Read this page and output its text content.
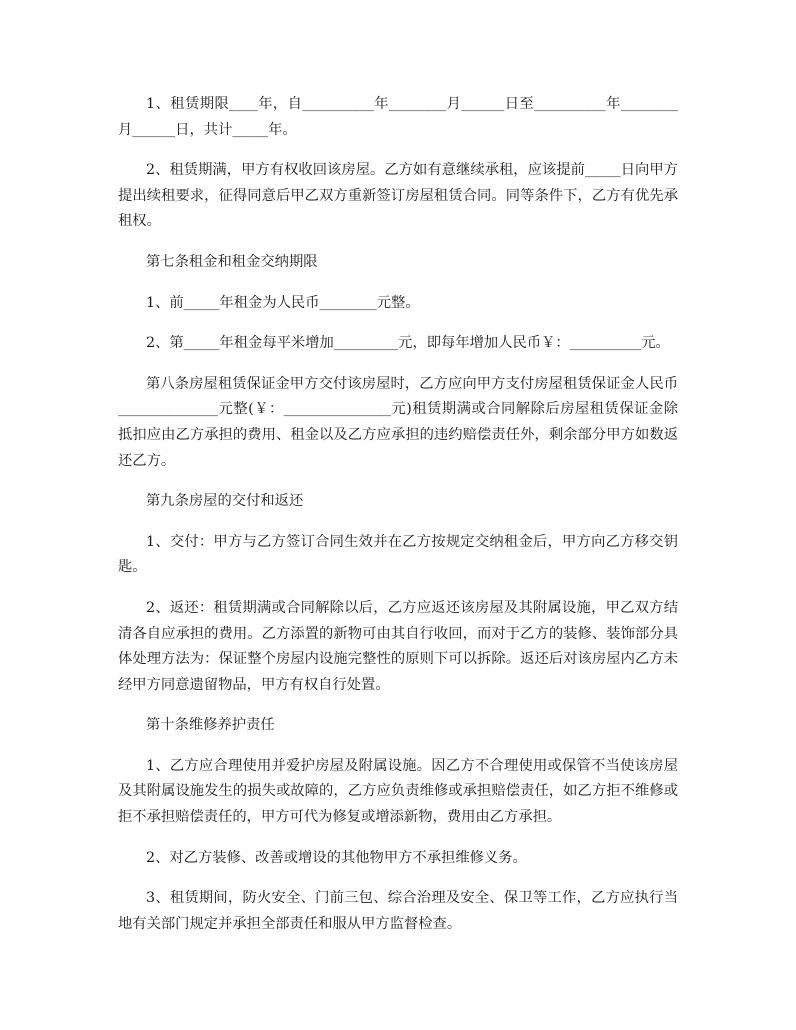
1、租赁期限____年，自__________年________月______日至__________年________月______日，共计_____年。

2、租赁期满，甲方有权收回该房屋。乙方如有意继续承租，应该提前_____日向甲方提出续租要求，征得同意后甲乙双方重新签订房屋租赁合同。同等条件下，乙方有优先承租权。

第七条租金和租金交纳期限

1、前_____年租金为人民币________元整。

2、第_____年租金每平米增加_________元，即每年增加人民币￥：__________元。

第八条房屋租赁保证金甲方交付该房屋时，乙方应向甲方支付房屋租赁保证金人民币______________元整(￥：_______________元)租赁期满或合同解除后房屋租赁保证金除抵扣应由乙方承担的费用、租金以及乙方应承担的违约赔偿责任外，剩余部分甲方如数返还乙方。

第九条房屋的交付和返还

1、交付：甲方与乙方签订合同生效并在乙方按规定交纳租金后，甲方向乙方移交钥匙。

2、返还：租赁期满或合同解除以后，乙方应返还该房屋及其附属设施，甲乙双方结清各自应承担的费用。乙方添置的新物可由其自行收回，而对于乙方的装修、装饰部分具体处理方法为：保证整个房屋内设施完整性的原则下可以拆除。返还后对该房屋内乙方未经甲方同意遗留物品，甲方有权自行处置。

第十条维修养护责任

1、乙方应合理使用并爱护房屋及附属设施。因乙方不合理使用或保管不当使该房屋及其附属设施发生的损失或故障的，乙方应负责维修或承担赔偿责任，如乙方拒不维修或拒不承担赔偿责任的，甲方可代为修复或增添新物，费用由乙方承担。

2、对乙方装修、改善或增设的其他物甲方不承担维修义务。

3、租赁期间，防火安全、门前三包、综合治理及安全、保卫等工作，乙方应执行当地有关部门规定并承担全部责任和服从甲方监督检查。
